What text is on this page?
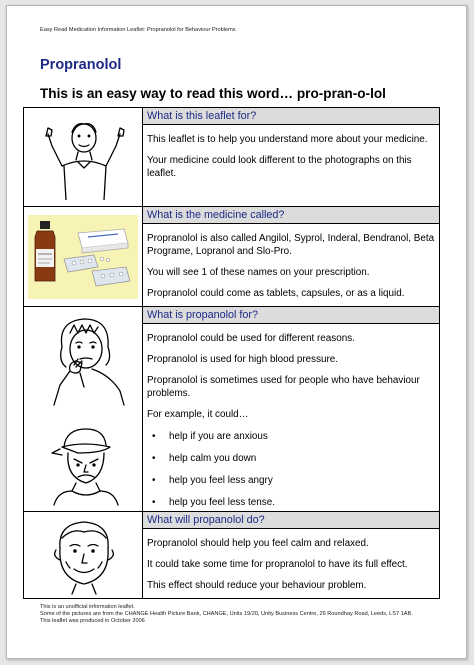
Easy Read Medication Information Leaflet: Propranolol for Behaviour Problems
Propranolol
This is an easy way to read this word… pro-pran-o-lol
What is this leaflet for?

This leaflet is to help you understand more about your medicine.

Your medicine could look different to the photographs on this leaflet.

What is the medicine called?

Propranolol is also called Angilol, Syprol, Inderal, Bendranol, Beta Programe, Lopranol and Slo-Pro.

You will see 1 of these names on your prescription.

Propranolol could come as tablets, capsules, or as a liquid.

What is propanolol for?

Propranolol could be used for different reasons.

Propranolol is used for high blood pressure.

Propranolol is sometimes used for people who have behaviour problems.

For example, it could…

• help if you are anxious
• help calm you down
• help you feel less angry
• help you feel less tense.
What will propanolol do?

Propranolol should help you feel calm and relaxed.

It could take some time for propranolol to have its full effect.

This effect should reduce your behaviour problem.

This is an unofficial information leaflet.
Some of the pictures are from the CHANGE Health Picture Bank, CHANGE, Units 19/20, Unity Business Centre, 26 Roundhay Road, Leeds, LS7 1AB.
This leaflet was produced in October 2006
